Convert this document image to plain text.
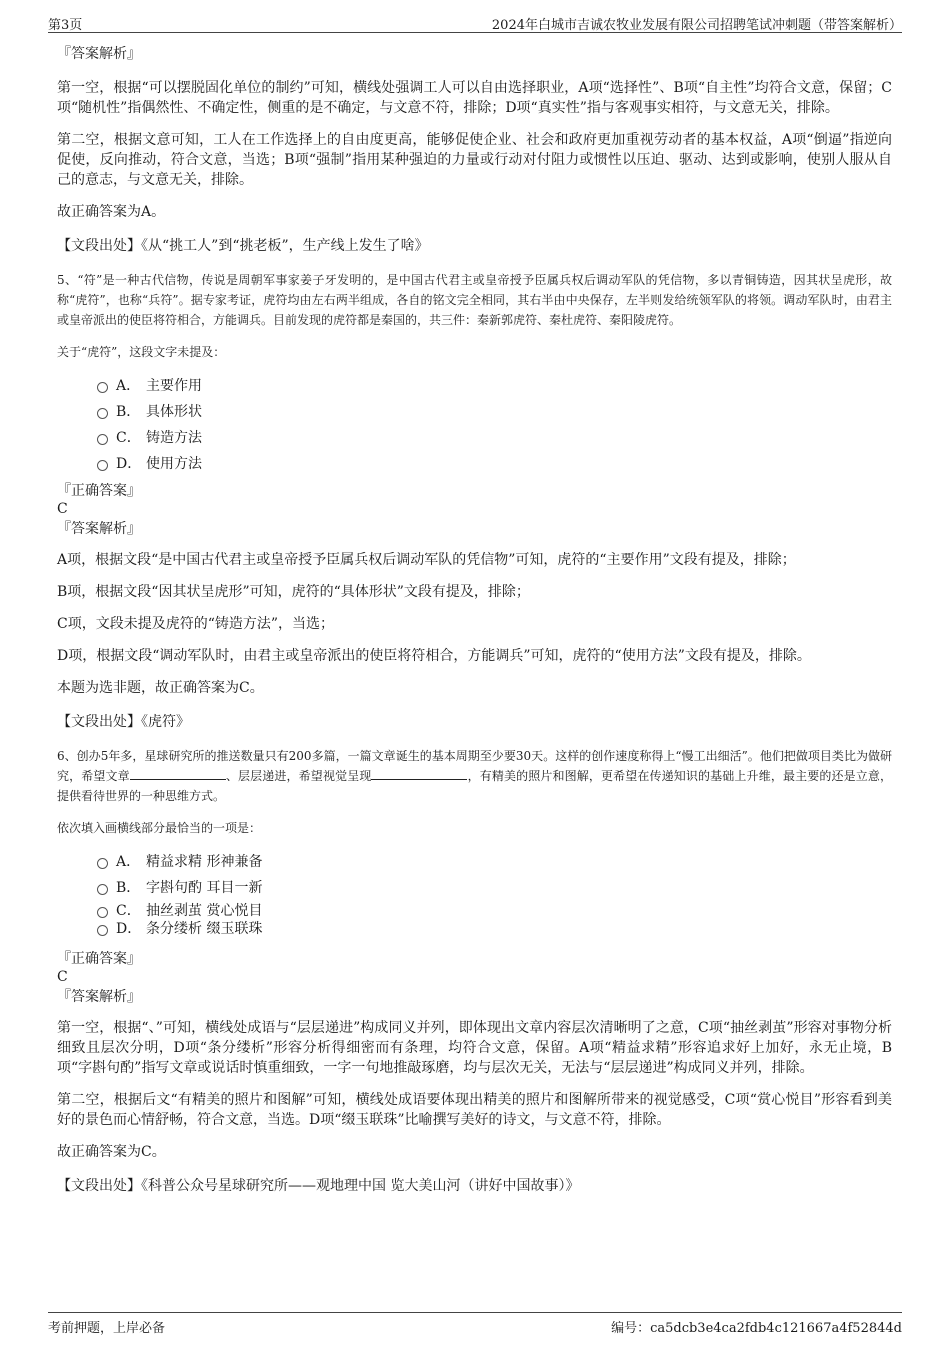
第3页	2024年白城市吉诚农牧业发展有限公司招聘笔试冲刺题（带答案解析）

『答案解析』

第一空，根据“可以摆脱固化单位的制约”可知，横线处强调工人可以自由选择职业，A项“选择性”、B项“自主性”均符合文意，保留；C项“随机性”指偶然性、不确定性，侧重的是不确定，与文意不符，排除；D项“真实性”指与客观事实相符，与文意无关，排除。

第二空，根据文意可知，工人在工作选择上的自由度更高，能够促使企业、社会和政府更加重视劳动者的基本权益，A项“倒逼”指逆向促使，反向推动，符合文意，当选；B项“强制”指用某种强迫的力量或行动对付阻力或惯性以压迫、驱动、达到或影响，使别人服从自己的意志，与文意无关，排除。

故正确答案为A。

【文段出处】《从“挑工人”到“挑老板”，生产线上发生了啥》

5、“符”是一种古代信物，传说是周朝军事家姜子牙发明的，是中国古代君主或皇帝授予臣属兵权后调动军队的凭信物，多以青铜铸造，因其状呈虎形，故称“虎符”，也称“兵符”。据专家考证，虎符均由左右两半组成，各自的铭文完全相同，其右半由中央保存，左半则发给统领军队的将领。调动军队时，由君主或皇帝派出的使臣将符相合，方能调兵。目前发现的虎符都是秦国的，共三件：秦新郭虎符、秦杜虎符、秦阳陵虎符。

关于“虎符”，这段文字未提及：

A． 主要作用
B． 具体形状
C． 铸造方法
D． 使用方法

『正确答案』

C

『答案解析』

A项，根据文段“是中国古代君主或皇帝授予臣属兵权后调动军队的凭信物”可知，虎符的“主要作用”文段有提及，排除；

B项，根据文段“因其状呈虎形”可知，虎符的“具体形状”文段有提及，排除；

C项，文段未提及虎符的“铸造方法”，当选；

D项，根据文段“调动军队时，由君主或皇帝派出的使臣将符相合，方能调兵”可知，虎符的“使用方法”文段有提及，排除。

本题为选非题，故正确答案为C。

【文段出处】《虎符》

6、创办5年多，星球研究所的推送数量只有200多篇，一篇文章诞生的基本周期至少要30天。这样的创作速度称得上“慢工出细活”。他们把做项目类比为做研究，希望文章	、层层递进，希望视觉呈现	，有精美的照片和图解，更希望在传递知识的基础上升维，最主要的还是立意，提供看待世界的一种思维方式。

依次填入画横线部分最恰当的一项是：

A． 精益求精 形神兼备
B． 字斟句酌 耳目一新
C． 抽丝剥茧 赏心悦目
D． 条分缕析 缀玉联珠

『正确答案』

C

『答案解析』

第一空，根据“、”可知，横线处成语与“层层递进”构成同义并列，即体现出文章内容层次清晰明了之意，C项“抽丝剥茧”形容对事物分析细致且层次分明，D项“条分缕析”形容分析得细密而有条理，均符合文意，保留。A项“精益求精”形容追求好上加好，永无止境，B项“字斟句酌”指写文章或说话时慎重细致，一字一句地推敲琢磨，均与层次无关，无法与“层层递进”构成同义并列，排除。

第二空，根据后文“有精美的照片和图解”可知，横线处成语要体现出精美的照片和图解所带来的视觉感受，C项“赏心悦目”形容看到美好的景色而心情舒畅，符合文意，当选。D项“缀玉联珠”比喻撰写美好的诗文，与文意不符，排除。

故正确答案为C。

【文段出处】《科普公众号星球研究所——观地理中国 览大美山河（讲好中国故事）》

考前押题，上岸必备	编号：ca5dcb3e4ca2fdb4c121667a4f52844d
